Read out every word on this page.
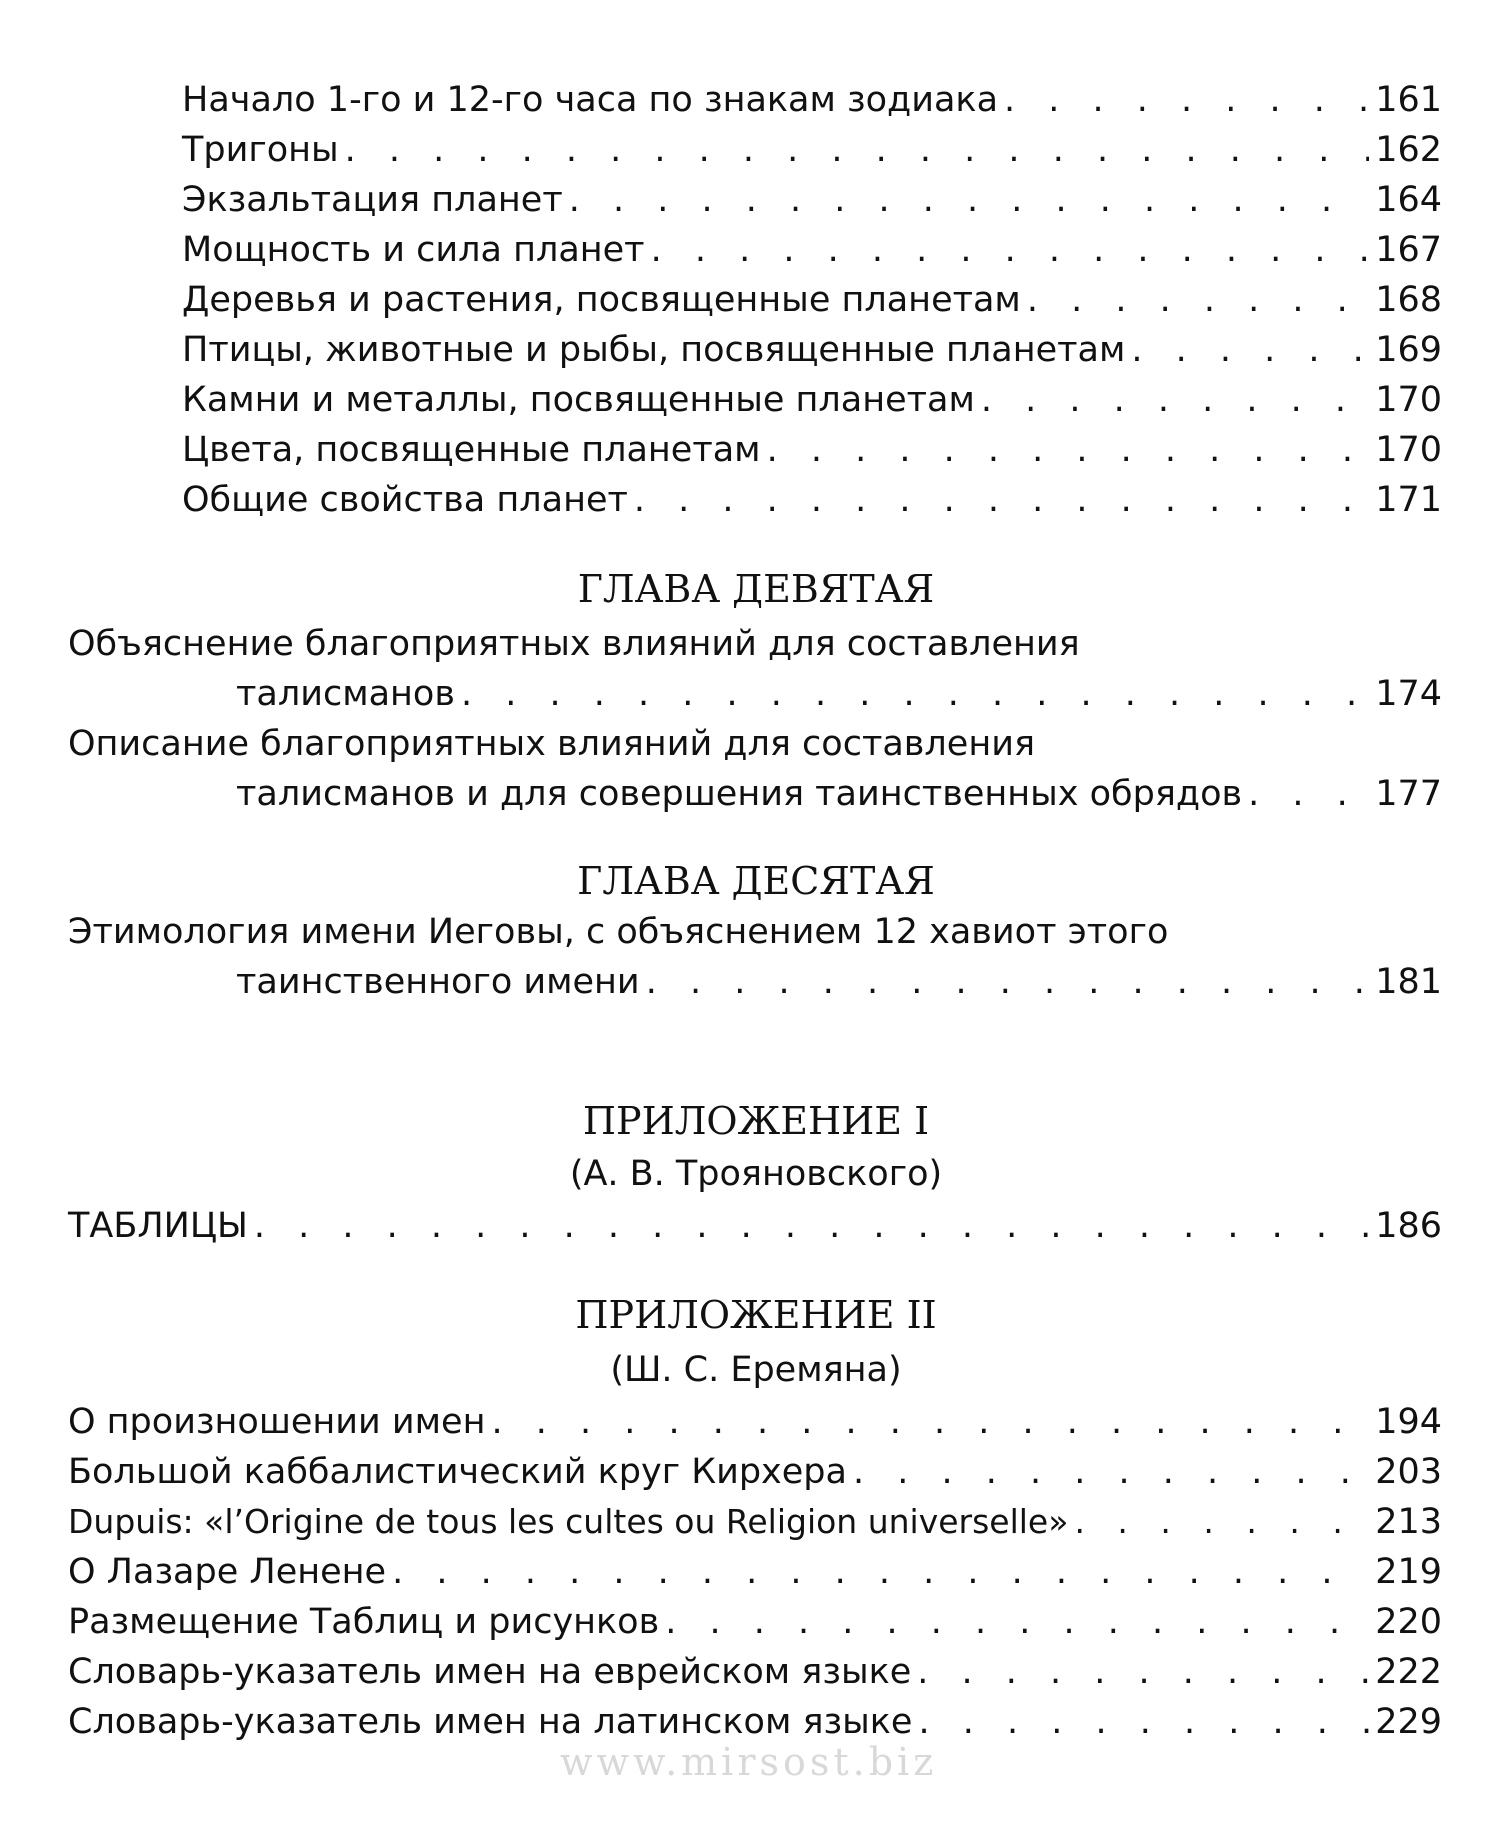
Начало 1-го и 12-го часа по знакам зодиака . . .	161
Тригоны . . .	162
Экзальтация планет . . .	164
Мощность и сила планет . . .	167
Деревья и растения, посвященные планетам . . .	168
Птицы, животные и рыбы, посвященные планетам . . .	169
Камни и металлы, посвященные планетам . . .	170
Цвета, посвященные планетам . . .	170
Общие свойства планет . . .	171
ГЛАВА ДЕВЯТАЯ
Объяснение благоприятных влияний для составления
талисманов . . .	174
Описание благоприятных влияний для составления
талисманов и для совершения таинственных обрядов . . .	177
ГЛАВА ДЕСЯТАЯ
Этимология имени Иеговы, с объяснением 12 хавиот этого
таинственного имени . . .	181
ПРИЛОЖЕНИЕ I
(А. В. Трояновского)
ТАБЛИЦЫ . . .	186
ПРИЛОЖЕНИЕ II
(Ш. С. Еремяна)
О произношении имен . . .	194
Большой каббалистический круг Кирхера . . .	203
Dupuis: «l’Origine de tous les cultes ou Religion universelle» . . .	213
О Лазаре Ленене . . .	219
Размещение Таблиц и рисунков . . .	220
Словарь-указатель имен на еврейском языке . . .	222
Словарь-указатель имен на латинском языке . . .	229
www.mirsost.biz
